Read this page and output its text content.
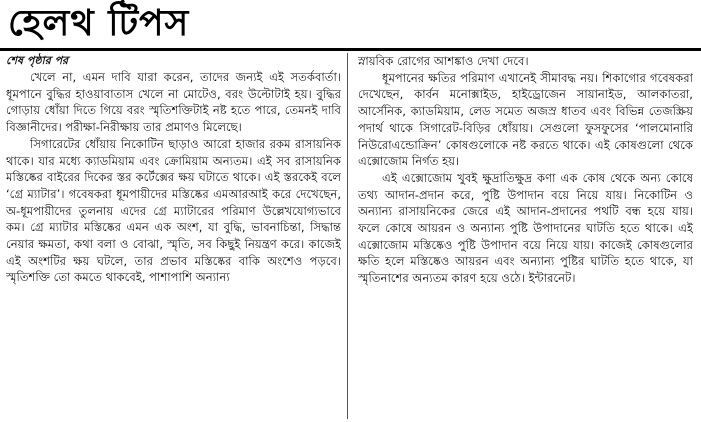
হেলথ টিপস
শেষ পৃষ্ঠার পর

খেলে না, এমন দাবি যারা করেন, তাদের জন্যই এই সতর্কবার্তা। ধূমপানে বুদ্ধির হাওয়াবাতাস খেলে না মোটেও, বরং উল্টোটাই হয়। বুদ্ধির গোড়ায় ধোঁয়া দিতে গিয়ে বরং স্মৃতিশক্তিটাই নষ্ট হতে পারে, তেমনই দাবি বিজ্ঞানীদের। পরীক্ষা-নিরীক্ষায় তার প্রমাণও মিলেছে।

সিগারেটের ধোঁয়ায় নিকোটিন ছাড়াও আরো হাজার রকম রাসায়নিক থাকে। যার মধ্যে ক্যাডমিয়াম এবং ক্রোমিয়াম অন্যতম। এই সব রাসায়নিক মস্তিষ্কের বাইরের দিকের স্তর কর্টেক্সের ক্ষয় ঘটাতে থাকে। এই স্তরকেই বলে ‘গ্রে ম্যাটার’। গবেষকরা ধূমপায়ীদের মস্তিষ্কের এমআরআই করে দেখেছেন, অ-ধূমপায়ীদের তুলনায় এদের গ্রে ম্যাটারের পরিমাণ উল্লেখযোগ্যভাবে কম। গ্রে ম্যাটার মস্তিষ্কের এমন এক অংশ, যা বুদ্ধি, ভাবনাচিন্তা, সিদ্ধান্ত নেয়ার ক্ষমতা, কথা বলা ও বোঝা, স্মৃতি, সব কিছুই নিয়ন্ত্রণ করে। কাজেই এই অংশটির ক্ষয় ঘটলে, তার প্রভাব মস্তিষ্কের বাকি অংশেও পড়বে। স্মৃতিশক্তি তো কমতে থাকবেই, পাশাপাশি অন্যান্য

স্নায়বিক রোগের আশঙ্কাও দেখা দেবে।

ধূমপানের ক্ষতির পরিমাণ এখানেই সীমাবদ্ধ নয়। শিকাগোর গবেষকরা দেখেছেন, কার্বন মনোক্সাইড, হাইড্রোজেন সায়ানাইড, আলকাতরা, আর্সেনিক, ক্যাডমিয়াম, লেড সমেত অজস্র ধাতব এবং বিভিন্ন তেজস্ক্রিয় পদার্থ থাকে সিগারেট-বিড়ির ধোঁয়ায়। সেগুলো ফুসফুসের ‘পালমোনারি নিউরোএন্ডোক্রিন’ কোষগুলোকে নষ্ট করতে থাকে। এই কোষগুলো থেকে এক্সোজোম নির্গত হয়।

এই এক্সোজোম খুবই ক্ষুদ্রাতিক্ষুদ্র কণা এক কোষ থেকে অন্য কোষে তথ্য আদান-প্রদান করে, পুষ্টি উপাদান বয়ে নিয়ে যায়। নিকোটিন ও অন্যান্য রাসায়নিকের জেরে এই আদান-প্রদানের পথটি বন্ধ হয়ে যায়। ফলে কোষে আয়রন ও অন্যান্য পুষ্টি উপাদানের ঘাটতি হতে থাকে। এই এক্সোজোম মস্তিষ্কেও পুষ্টি উপাদান বয়ে নিয়ে যায়। কাজেই কোষগুলোর ক্ষতি হলে মস্তিষ্কেও আয়রন এবং অন্যান্য পুষ্টির ঘাটতি হতে থাকে, যা স্মৃতিনাশের অন্যতম কারণ হয়ে ওঠে। ইন্টারনেট।
